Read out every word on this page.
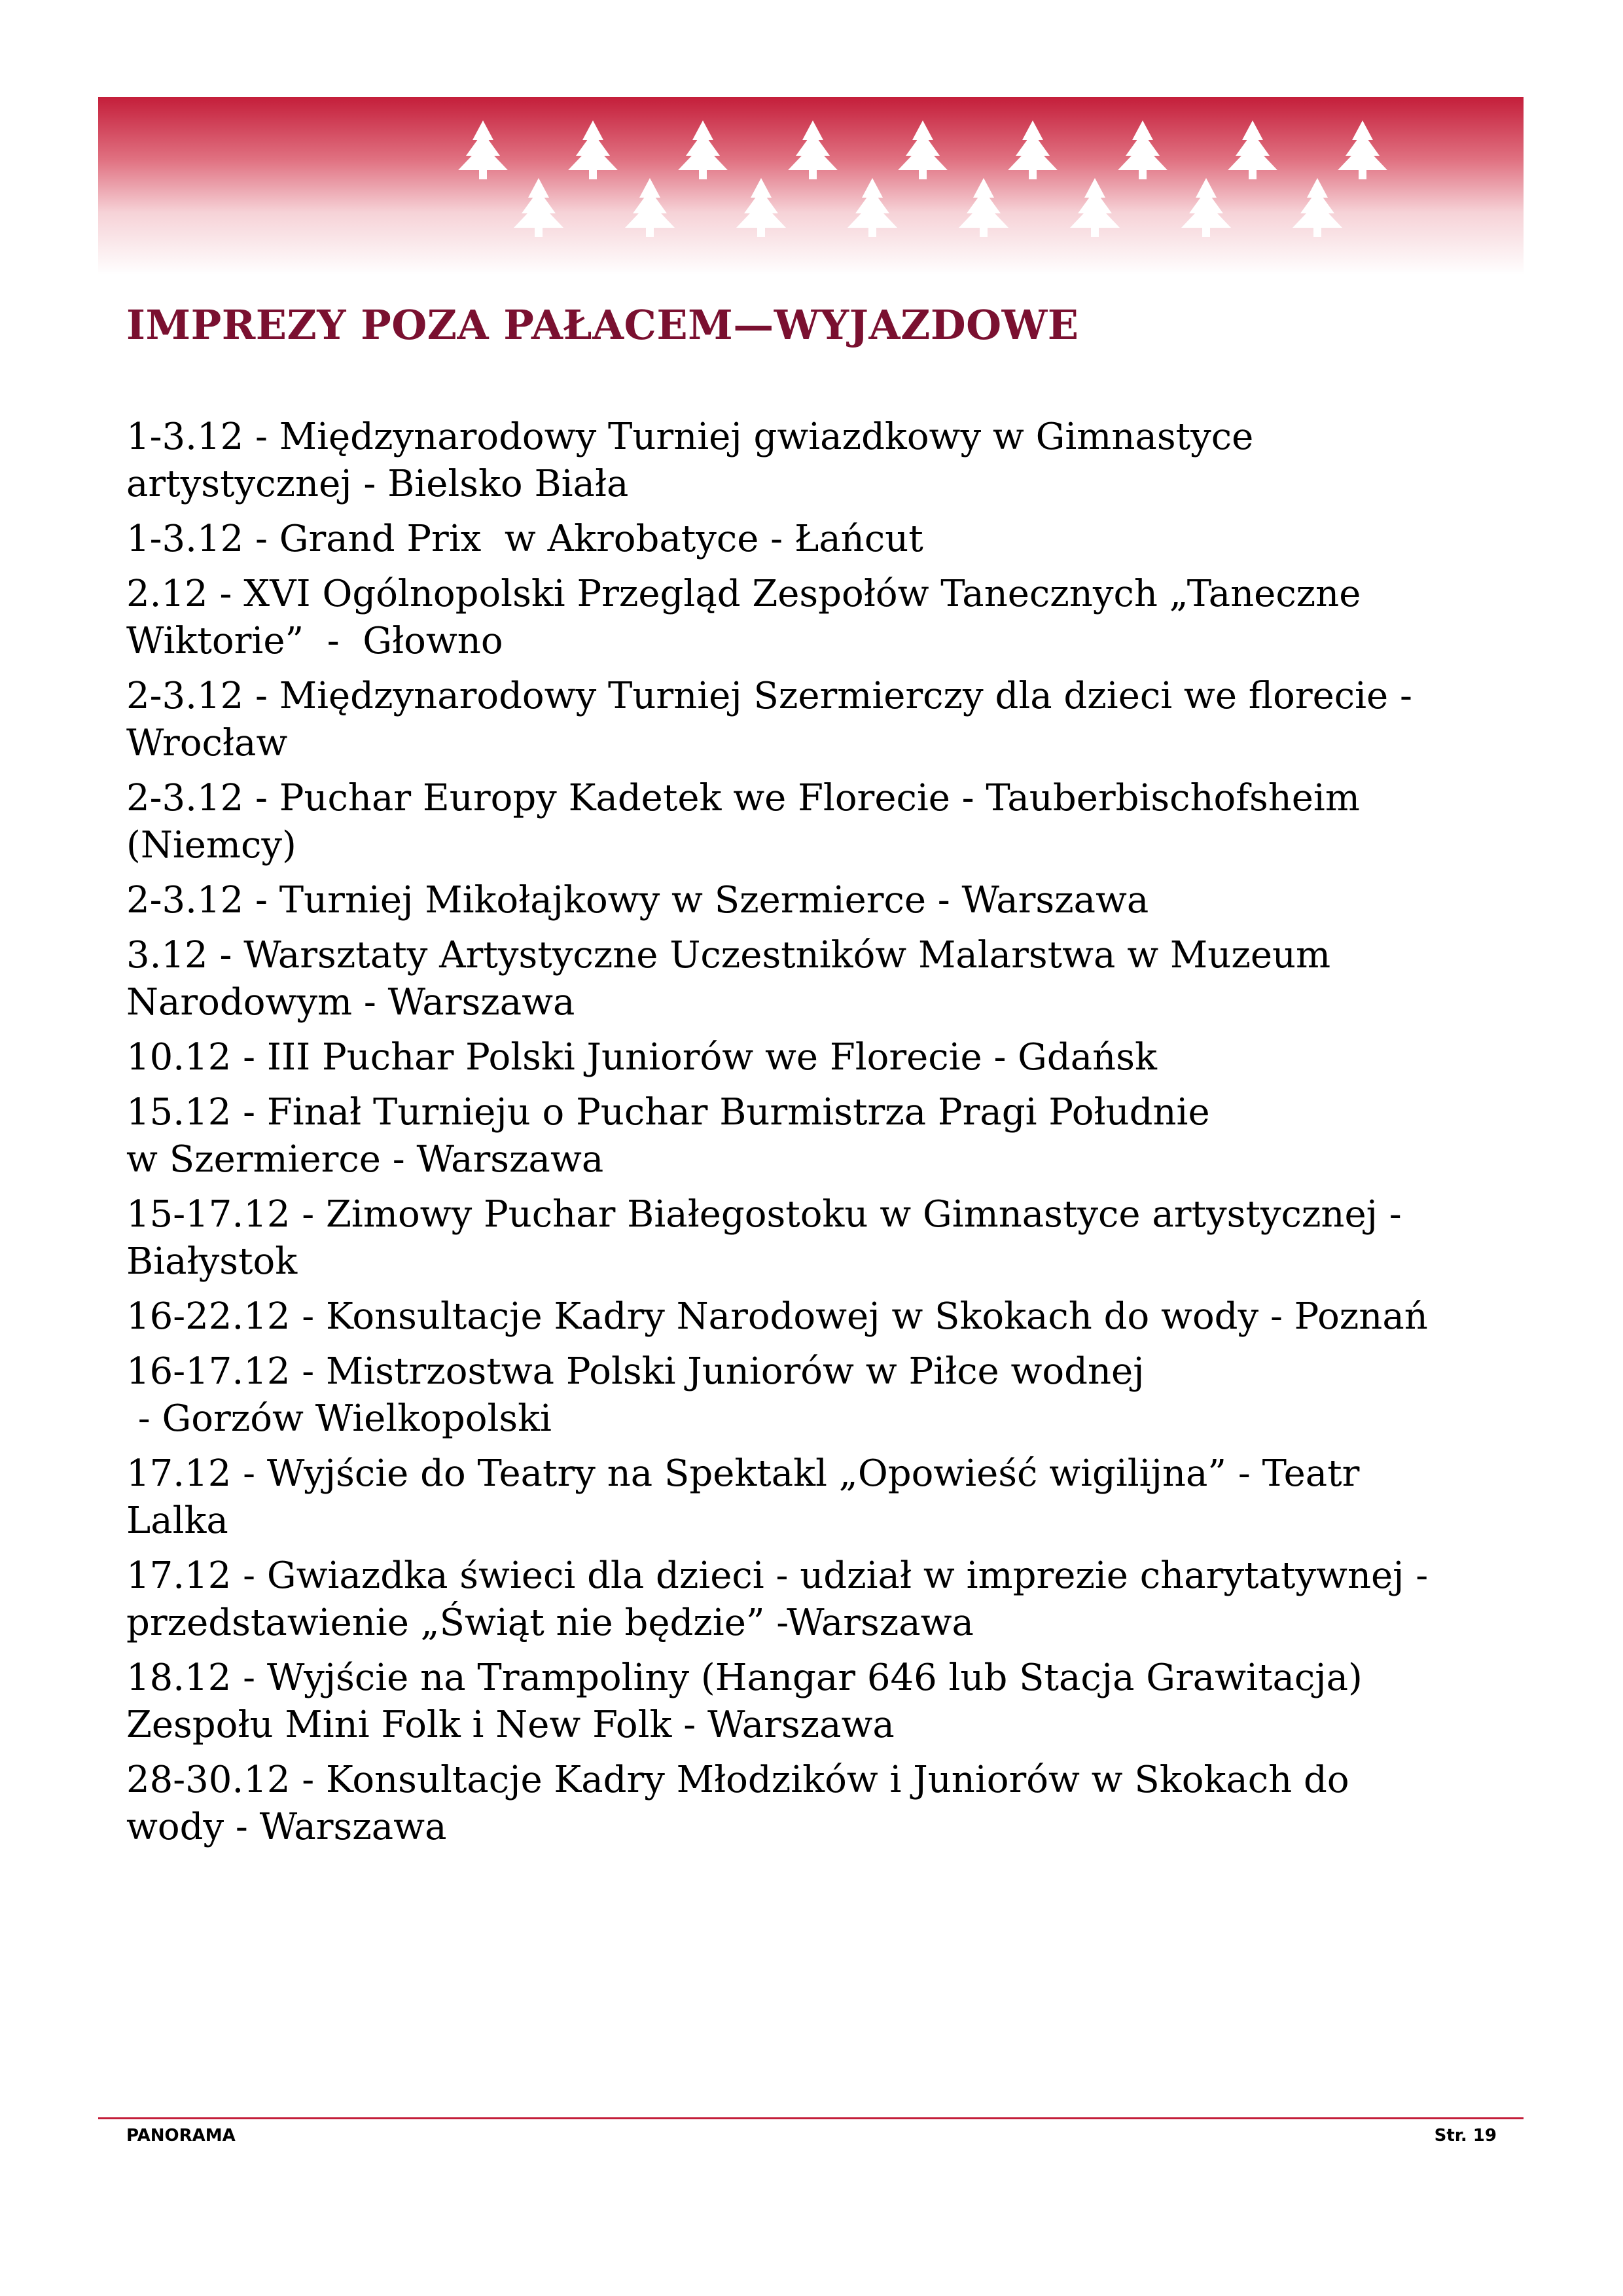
IMPREZY POZA PAŁACEM—WYJAZDOWE
1-3.12 - Międzynarodowy Turniej gwiazdkowy w Gimnastyce
artystycznej - Bielsko Biała
1-3.12 - Grand Prix  w Akrobatyce - Łańcut
2.12 - XVI Ogólnopolski Przegląd Zespołów Tanecznych „Taneczne
Wiktorie”  -  Głowno
2-3.12 - Międzynarodowy Turniej Szermierczy dla dzieci we florecie -
Wrocław
2-3.12 - Puchar Europy Kadetek we Florecie - Tauberbischofsheim
(Niemcy)
2-3.12 - Turniej Mikołajkowy w Szermierce - Warszawa
3.12 - Warsztaty Artystyczne Uczestników Malarstwa w Muzeum
Narodowym - Warszawa
10.12 - III Puchar Polski Juniorów we Florecie - Gdańsk
15.12 - Finał Turnieju o Puchar Burmistrza Pragi Południe
w Szermierce - Warszawa
15-17.12 - Zimowy Puchar Białegostoku w Gimnastyce artystycznej -
Białystok
16-22.12 - Konsultacje Kadry Narodowej w Skokach do wody - Poznań
16-17.12 - Mistrzostwa Polski Juniorów w Piłce wodnej
- Gorzów Wielkopolski
17.12 - Wyjście do Teatry na Spektakl „Opowieść wigilijna” - Teatr
Lalka
17.12 - Gwiazdka świeci dla dzieci - udział w imprezie charytatywnej -
przedstawienie „Świąt nie będzie” -Warszawa
18.12 - Wyjście na Trampoliny (Hangar 646 lub Stacja Grawitacja)
Zespołu Mini Folk i New Folk - Warszawa
28-30.12 - Konsultacje Kadry Młodzików i Juniorów w Skokach do
wody - Warszawa
PANORAMA	Str. 19
